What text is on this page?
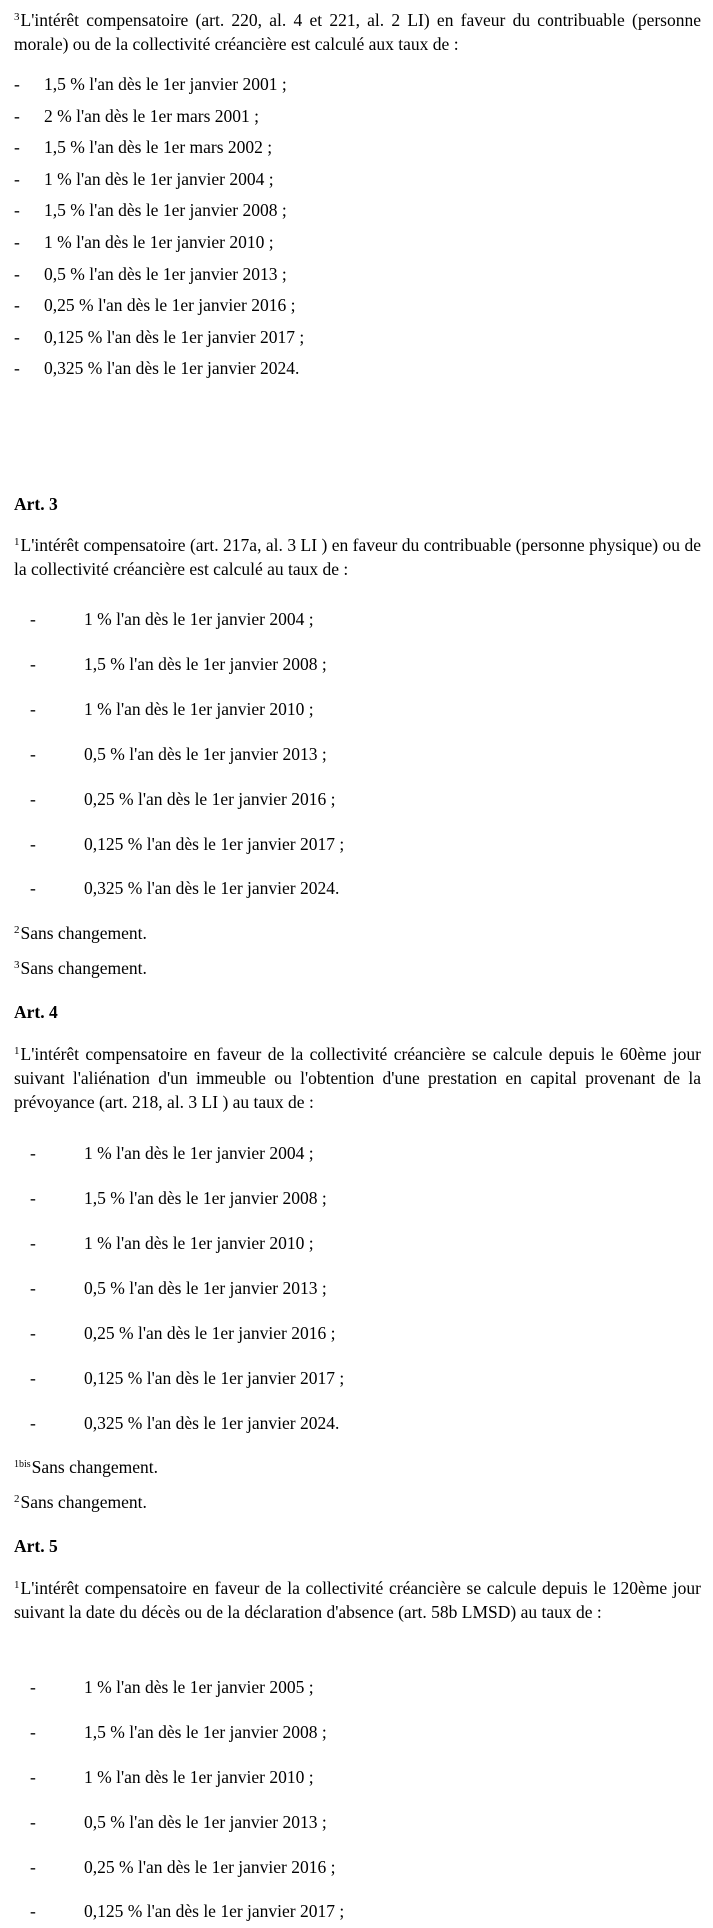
$^3$L'intérêt compensatoire (art. 220, al. 4 et 221, al. 2 LI) en faveur du contribuable (personne morale) ou de la collectivité créancière est calculé aux taux de :

- 1,5 % l'an dès le 1er janvier 2001 ;
- 2 % l'an dès le 1er mars 2001 ;
- 1,5 % l'an dès le 1er mars 2002 ;
- 1 % l'an dès le 1er janvier 2004 ;
- 1,5 % l'an dès le 1er janvier 2008 ;
- 1 % l'an dès le 1er janvier 2010 ;
- 0,5 % l'an dès le 1er janvier 2013 ;
- 0,25 % l'an dès le 1er janvier 2016 ;
- 0,125 % l'an dès le 1er janvier 2017 ;
- 0,325 % l'an dès le 1er janvier 2024.
Art. 3

$^1$L'intérêt compensatoire (art. 217a, al. 3 LI ) en faveur du contribuable (personne physique) ou de la collectivité créancière est calculé au taux de :

-	1 % l'an dès le 1er janvier 2004 ;
-	1,5 % l'an dès le 1er janvier 2008 ;
-	1 % l'an dès le 1er janvier 2010 ;
-	0,5 % l'an dès le 1er janvier 2013 ;
-	0,25 % l'an dès le 1er janvier 2016 ;
-	0,125 % l'an dès le 1er janvier 2017 ;
-	0,325 % l'an dès le 1er janvier 2024.

$^2$Sans changement.

$^3$Sans changement.

Art. 4

$^1$L'intérêt compensatoire en faveur de la collectivité créancière se calcule depuis le 60ème jour suivant l'aliénation d'un immeuble ou l'obtention d'une prestation en capital provenant de la prévoyance (art. 218, al. 3 LI ) au taux de :

-	1 % l'an dès le 1er janvier 2004 ;
-	1,5 % l'an dès le 1er janvier 2008 ;
-	1 % l'an dès le 1er janvier 2010 ;
-	0,5 % l'an dès le 1er janvier 2013 ;
-	0,25 % l'an dès le 1er janvier 2016 ;
-	0,125 % l'an dès le 1er janvier 2017 ;
-	0,325 % l'an dès le 1er janvier 2024.

$^{1bis}$Sans changement.

$^2$Sans changement.

Art. 5

$^1$L'intérêt compensatoire en faveur de la collectivité créancière se calcule depuis le 120ème jour suivant la date du décès ou de la déclaration d'absence (art. 58b LMSD) au taux de :

-	1 % l'an dès le 1er janvier 2005 ;
-	1,5 % l'an dès le 1er janvier 2008 ;
-	1 % l'an dès le 1er janvier 2010 ;
-	0,5 % l'an dès le 1er janvier 2013 ;
-	0,25 % l'an dès le 1er janvier 2016 ;
-	0,125 % l'an dès le 1er janvier 2017 ;
